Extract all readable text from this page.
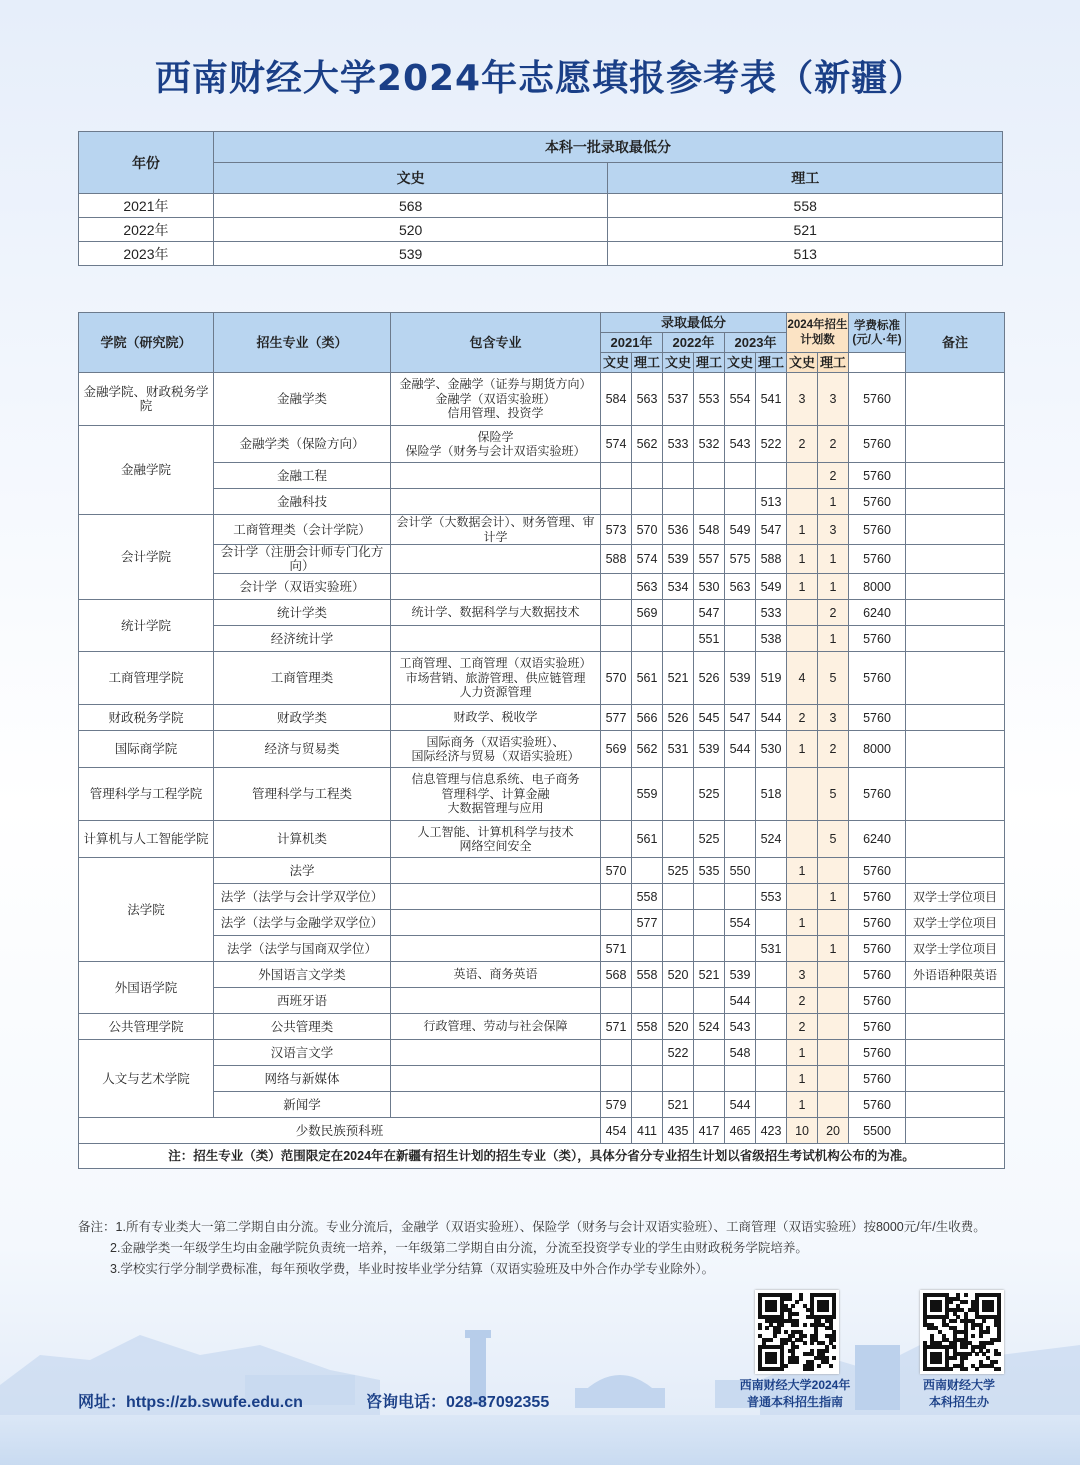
西南财经大学2024年志愿填报参考表（新疆）
年份	本科一批录取最低分	
	文史	理工
2021年	568	558
2022年	520	521
2023年	539	513
学院（研究院）	招生专业（类）	包含专业	录取最低分						2024年招生计划数		学费标准(元/人·年)	备注
			2021年		2022年		2023年					
			文史	理工	文史	理工	文史	理工	文史	理工		
金融学院、财政税务学院	金融学类	金融学、金融学（证券与期货方向）
金融学（双语实验班）
信用管理、投资学	584	563	537	553	554	541	3	3	5760	
金融学院	金融学类（保险方向）	保险学
保险学（财务与会计双语实验班）	574	562	533	532	543	522	2	2	5760	
	金融工程									2	5760	
	金融科技							513		1	5760	
会计学院	工商管理类（会计学院）	会计学（大数据会计）、财务管理、审计学	573	570	536	548	549	547	1	3	5760	
	会计学（注册会计师专门化方向）		588	574	539	557	575	588	1	1	5760	
	会计学（双语实验班）			563	534	530	563	549	1	1	8000	
统计学院	统计学类	统计学、数据科学与大数据技术		569		547		533		2	6240	
	经济统计学					551		538		1	5760	
工商管理学院	工商管理类	工商管理、工商管理（双语实验班）
市场营销、旅游管理、供应链管理
人力资源管理	570	561	521	526	539	519	4	5	5760	
财政税务学院	财政学类	财政学、税收学	577	566	526	545	547	544	2	3	5760	
国际商学院	经济与贸易类	国际商务（双语实验班）、
国际经济与贸易（双语实验班）	569	562	531	539	544	530	1	2	8000	
管理科学与工程学院	管理科学与工程类	信息管理与信息系统、电子商务
管理科学、计算金融
大数据管理与应用		559		525		518		5	5760	
计算机与人工智能学院	计算机类	人工智能、计算机科学与技术
网络空间安全		561		525		524		5	6240	
法学院	法学		570		525	535	550		1		5760	
	法学（法学与会计学双学位）			558				553		1	5760	双学士学位项目
	法学（法学与金融学双学位）			577			554		1		5760	双学士学位项目
	法学（法学与国商双学位）		571					531		1	5760	双学士学位项目
外国语学院	外国语言文学类	英语、商务英语	568	558	520	521	539		3		5760	外语语种限英语
	西班牙语						544		2		5760	
公共管理学院	公共管理类	行政管理、劳动与社会保障	571	558	520	524	543		2		5760	
人文与艺术学院	汉语言文学				522		548		1		5760	
	网络与新媒体								1		5760	
	新闻学		579		521		544		1		5760	
少数民族预科班			454	411	435	417	465	423	10	20	5500	
注：招生专业（类）范围限定在2024年在新疆有招生计划的招生专业（类），具体分省分专业招生计划以省级招生考试机构公布的为准。												
备注：1.所有专业类大一第二学期自由分流。专业分流后，金融学（双语实验班）、保险学（财务与会计双语实验班）、工商管理（双语实验班）按8000元/年/生收费。
2.金融学类一年级学生均由金融学院负责统一培养，一年级第二学期自由分流，分流至投资学专业的学生由财政税务学院培养。
3.学校实行学分制学费标准，每年预收学费，毕业时按毕业学分结算（双语实验班及中外合作办学专业除外）。
网址：https://zb.swufe.edu.cn	咨询电话：028-87092355
西南财经大学2024年
普通本科招生指南
西南财经大学
本科招生办
